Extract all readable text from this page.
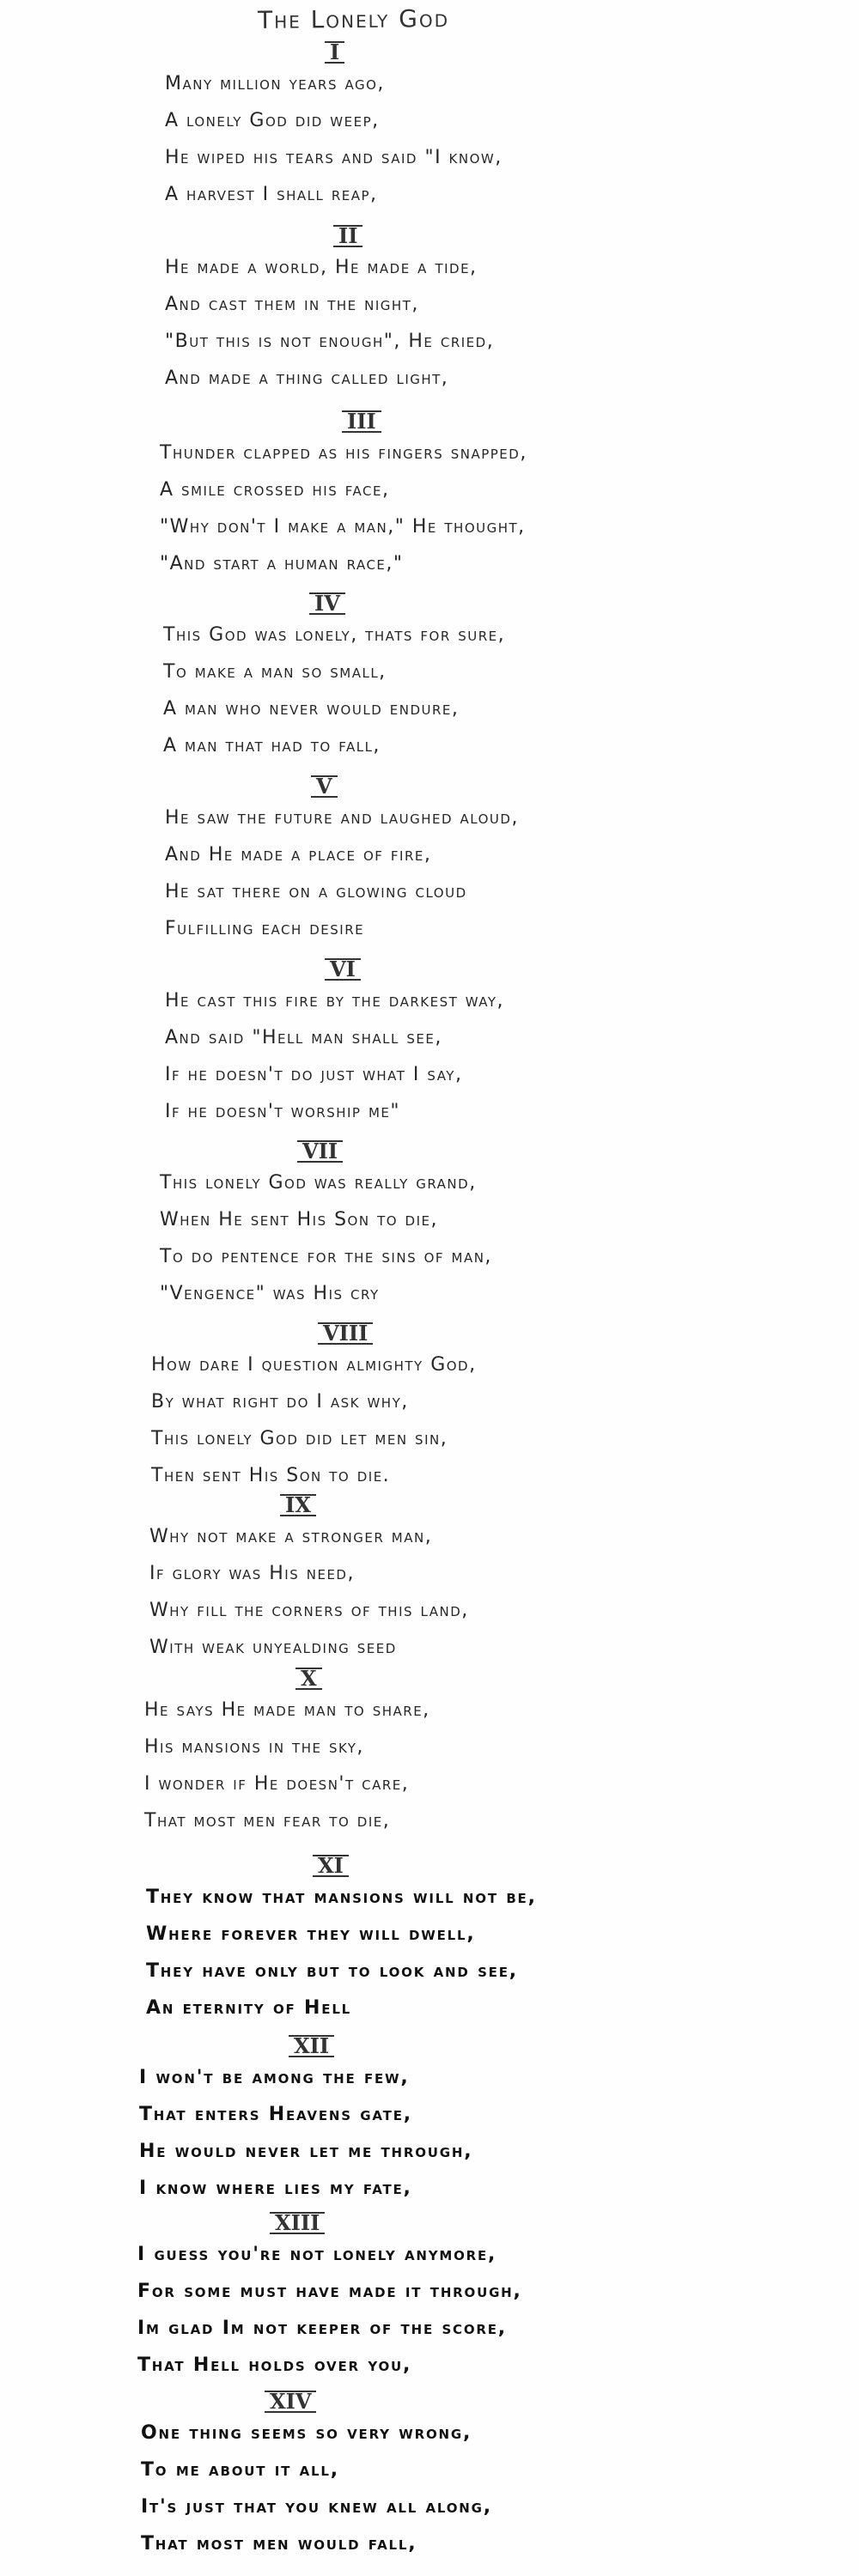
The Lonely God
I
Many million years ago,
A lonely God did weep,
He wiped his tears and said "I know,
A harvest I shall reap,
II
He made a world, He made a tide,
And cast them in the night,
"But this is not enough", He cried,
And made a thing called light,
III
Thunder clapped as his fingers snapped,
A smile crossed his face,
"Why don't I make a man," He thought,
"And start a human race,"
IV
This God was lonely, thats for sure,
To make a man so small,
A man who never would endure,
A man that had to fall,
V
He saw the future and laughed aloud,
And He made a place of fire,
He sat there on a glowing cloud
Fulfilling each desire
VI
He cast this fire by the darkest way,
And said "Hell man shall see,
If he doesn't do just what I say,
If he doesn't worship me"
VII
This lonely God was really grand,
When He sent His Son to die,
To do pentence for the sins of man,
"Vengence" was His cry
VIII
How dare I question almighty God,
By what right do I ask why,
This lonely God did let men sin,
Then sent His Son to die.
IX
Why not make a stronger man,
If glory was His need,
Why fill the corners of this land,
With weak unyealding seed
X
He says He made man to share,
His mansions in the sky,
I wonder if He doesn't care,
That most men fear to die,
XI
They know that mansions will not be,
Where forever they will dwell,
They have only but to look and see,
An eternity of Hell
XII
I won't be among the few,
That enters Heavens gate,
He would never let me through,
I know where lies my fate,
XIII
I guess you're not lonely anymore,
For some must have made it through,
Im glad Im not keeper of the score,
That Hell holds over you,
XIV
One thing seems so very wrong,
To me about it all,
It's just that you knew all along,
That most men would fall,
